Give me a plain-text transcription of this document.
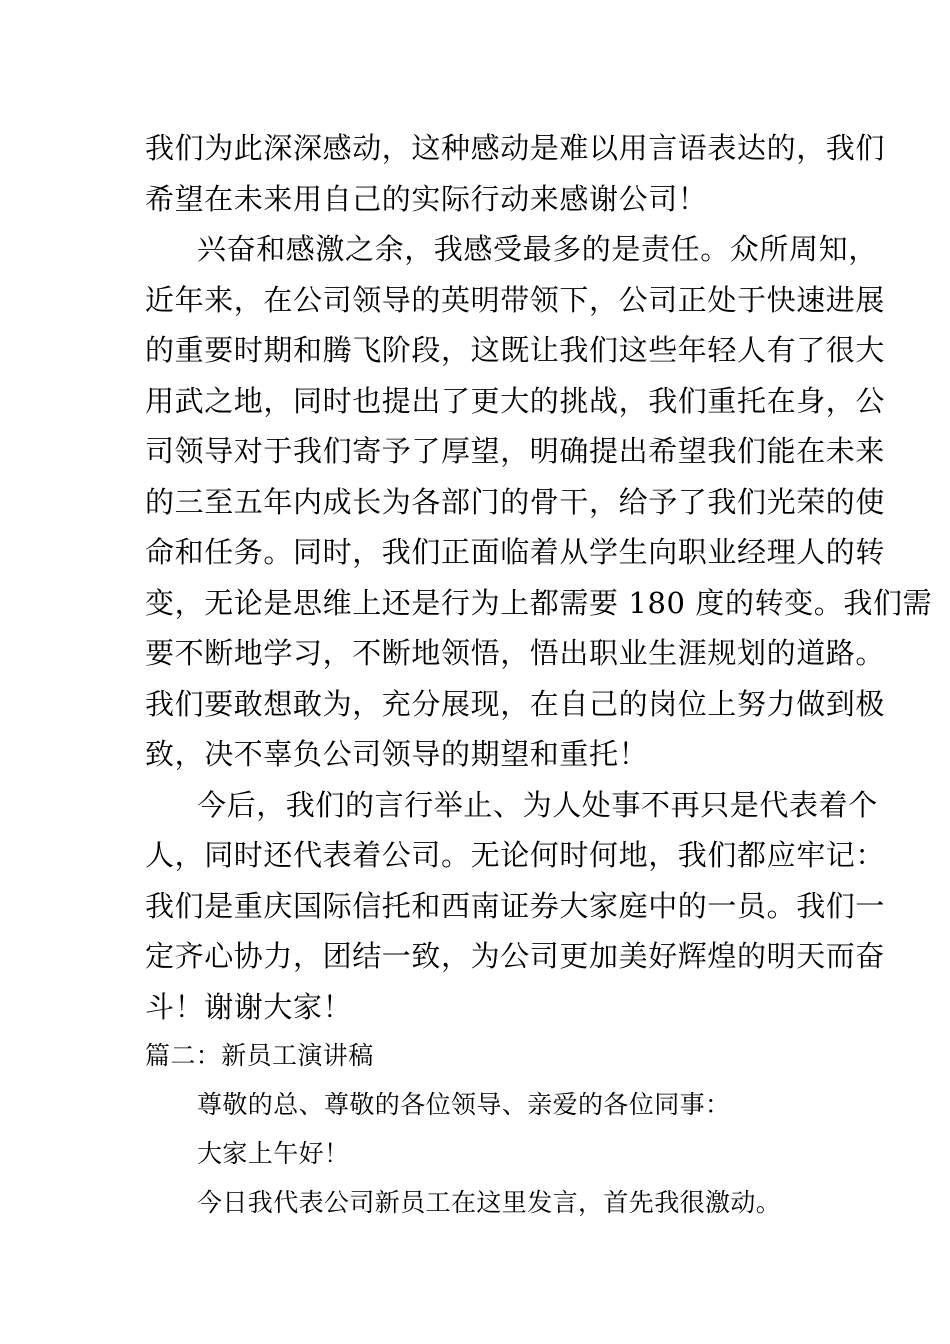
我们为此深深感动，这种感动是难以用言语表达的，我们
希望在未来用自己的实际行动来感谢公司！
兴奋和感激之余，我感受最多的是责任。众所周知，
近年来，在公司领导的英明带领下，公司正处于快速进展
的重要时期和腾飞阶段，这既让我们这些年轻人有了很大
用武之地，同时也提出了更大的挑战，我们重托在身，公
司领导对于我们寄予了厚望，明确提出希望我们能在未来
的三至五年内成长为各部门的骨干，给予了我们光荣的使
命和任务。同时，我们正面临着从学生向职业经理人的转
变，无论是思维上还是行为上都需要 180 度的转变。我们需
要不断地学习，不断地领悟，悟出职业生涯规划的道路。
我们要敢想敢为，充分展现，在自己的岗位上努力做到极
致，决不辜负公司领导的期望和重托！
今后，我们的言行举止、为人处事不再只是代表着个
人，同时还代表着公司。无论何时何地，我们都应牢记：
我们是重庆国际信托和西南证券大家庭中的一员。我们一
定齐心协力，团结一致，为公司更加美好辉煌的明天而奋
斗！谢谢大家！
篇二：新员工演讲稿
尊敬的总、尊敬的各位领导、亲爱的各位同事：
大家上午好！
今日我代表公司新员工在这里发言，首先我很激动。
